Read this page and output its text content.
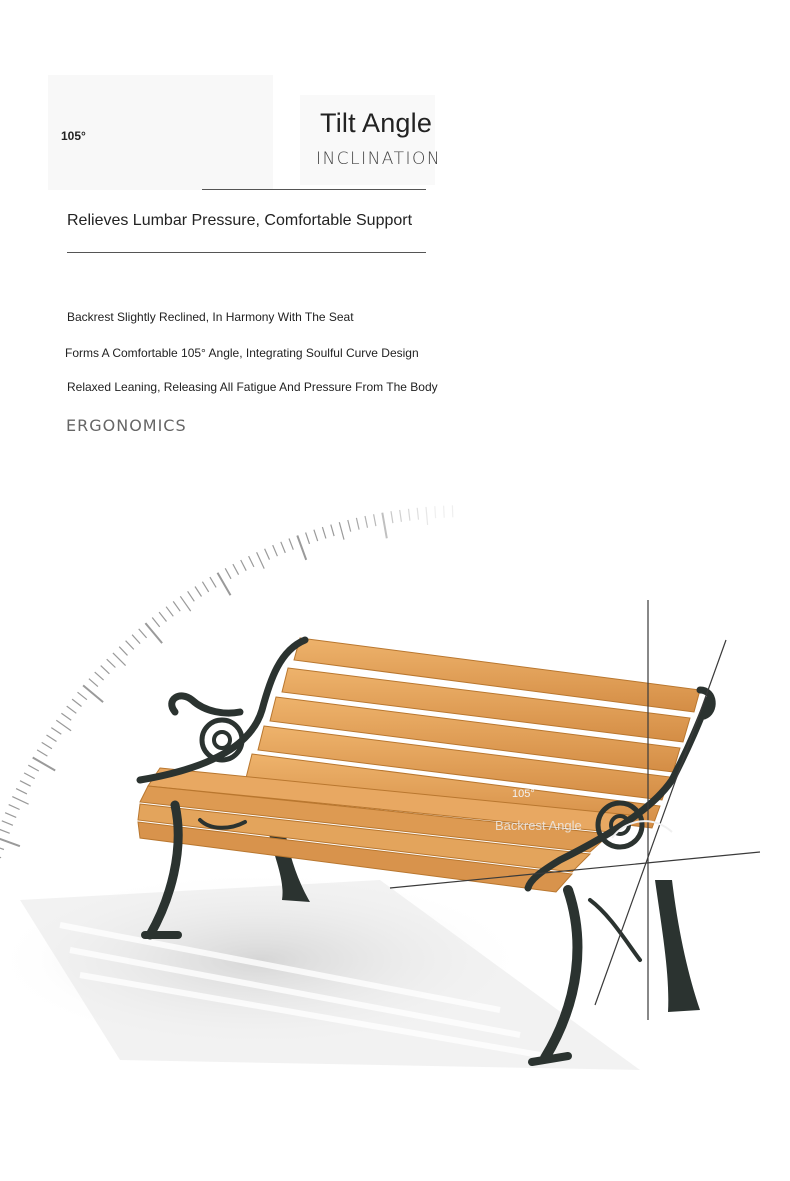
105°	Tilt Angle
INCLINATION
Relieves Lumbar Pressure, Comfortable Support
Backrest Slightly Reclined, In Harmony With The Seat
Forms A Comfortable 105° Angle, Integrating Soulful Curve Design
Relaxed Leaning, Releasing All Fatigue And Pressure From The Body
ERGONOMICS
105°
Backrest Angle
